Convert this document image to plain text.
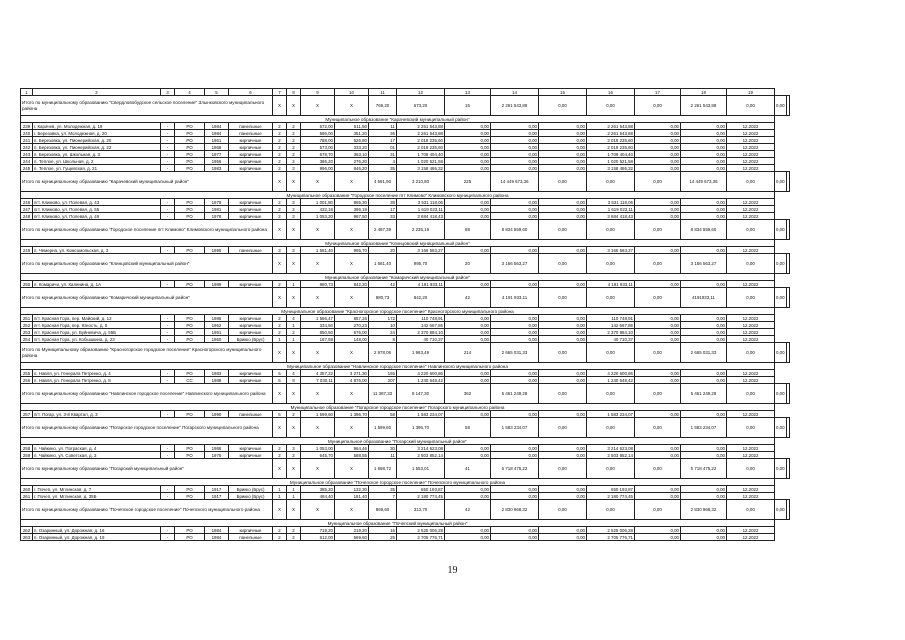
1	2	3	4	5	6	7	8	9	10	11	12	13	14	15	16	17	18	19		
Итого по муниципальному образованию "Свердловобудское сельское поселение" Злынковского муниципального района						X	X	X	X	769,20	673,20	15	2 261 543,88	0,00	0,00	0,00	2 261 543,88	0,00	0,00	
Муниципальное образование "Карачевский муниципальный район"																				
239	г. Карачев, ул. Молодежная, д. 19	-	РО	1984	панельные	2	2	672,00	511,50	11	2 261 543,88	0,00	0,00	0,00	2 261 543,88	0,00	0,00	12.2022		
240	г. Березовка, ул. Молодежная, д. 20	-	РО	1984	панельные	2	2	586,00	351,20	36	2 261 543,88	0,00	0,00	0,00	2 261 543,88	0,00	0,00	12.2022		
241	п. Березовка, ул. Пионерийская, д. 20	-	РО	1961	кирпичные	2	2	788,00	526,80	17	2 019 235,60	0,00	0,00	0,00	2 019 235,60	0,00	0,00	12.2022		
242	п. Березовка, ул. Пионерийская, д. 22	-	РО	1968	кирпичные	2	2	573,00	333,20	01	2 019 235,60	0,00	0,00	0,00	2 019 235,60	0,00	0,00	12.2022		
243	п. Березовка, ул. Школьная, д. 3	-	РО	1977	кирпичные	2	2	678,70	363,10	31	1 709 404,40	0,00	0,00	0,00	1 709 404,40	0,00	0,00	12.2022		
244	п. Теплое, ул. Школьная, д. 2	-	РО	1956	кирпичные	2	2	386,20	276,20	4	1 020 521,58	0,00	0,00	0,00	1 020 521,58	0,00	0,00	12.2022		
245	п. Теплое, ул. Гущевская, д. 21	-	РО	1983	кирпичные	2	3	996,00	846,20	35	3 158 486,32	0,00	0,00	0,00	3 158 486,32	0,00	0,00	12.2022		
Итого по муниципальному образованию "Карачевский муниципальный район"						X	X	X	X	4 591,90	3 210,80	225	14 449 673,36	0,00	0,00	0,00	14 449 673,36	0,00	0,00	
Муниципальное образование "Городское поселение пгт Климово" Климовского муниципального района																				
246	пгт. Климово, ул. Полевая, д. 43	-	РО	1979	кирпичные	2	3	1 001,80	865,30	38	3 531 118,06	0,00	0,00	0,00	3 531 118,06	0,00	0,00	12.2022		
247	пгт. Климово, ул. Полевая, д. 55	-	РО	1981	кирпичные	2	2	432,19	396,19	17	1 619 023,11	0,00	0,00	0,00	1 619 023,11	0,00	0,00	12.2022		
248	пгт. Климово, ул. Полевая, д. 49	-	РО	1978	кирпичные	2	3	1 053,20	967,50	33	3 684 418,43	0,00	0,00	0,00	3 684 418,43	0,00	0,00	12.2022		
Итого по муниципальному образованию "Городское поселение пгт Климово" Климовского муниципального района						X	X	X	X	2 487,39	2 235,19	88	8 834 559,60	0,00	0,00	0,00	8 834 559,60	0,00	0,00	
Муниципальное образование "Клинцовский муниципальный район"																				
249	п. Чемерна, ул. Комсомольская, д. 3	-	РО	1995	панельные	3	3	1 581,40	995,70	20	3 166 563,27	0,00	0,00	0,00	3 166 563,27	0,00	0,00	12.2022		
Итого по муниципальному образованию "Клинцовский муниципальный район"						X	X	X	X	1 581,40	995,70	20	3 166 563,27	0,00	0,00	0,00	3 166 563,27	0,00	0,00	
Муниципальное образование "Комаричский муниципальный район"																				
250	п. Комаричи, ул. Калинина, д. 1А	-	РО	1989	кирпичные	2	1	880,73	842,20	42	4 191 933,11	0,00	0,00	0,00	4 191 933,11	0,00	0,00	12.2022		
Итого по муниципальному образованию "Комаричский муниципальный район"						X	X	X	X	880,73	842,20	42	4 191 933,11	0,00	0,00	0,00	4191933,11	0,00	0,00	
Муниципальное образование "Красногорское городское поселение" Красногорского муниципального района																				
251	пгт. Красная Гора, пер. Майский, д. 12	-	РО	1986	кирпичные	2	4	1 566,47	857,26	172	110 748,91	0,00	0,00	0,00	110 748,91	0,00	0,00	12.2022		
252	пгт. Красная Гора, пер. Юность, д. 5	-	РО	1962	кирпичные	2	1	334,50	270,23	10	142 667,85	0,00	0,00	0,00	142 667,85	0,00	0,00	12.2022		
253	пгт. Красная Гора, ул. Буйневича, д. 55Б	-	РО	1991	кирпичные	2	2	850,50	676,00	24	2 370 884,10	0,00	0,00	0,00	2 370 884,10	0,00	0,00	12.2022		
254	пгт. Красная Гора, ул. Кобышкина, д. 23	-	РО	1960	Брикко (Брус)	1	1	167,59	148,00	8	40 710,37	0,00	0,00	0,00	40 710,37	0,00	0,00	12.2022		
Итого по Муниципальному образованию "Красногорское городское поселение" Красногорского муниципального района						X	X	X	X	2 978,06	1 963,49	214	2 665 031,33	0,00	0,00	0,00	2 665 031,33	0,00	0,00	
Муниципальное образование "Навлинское городское поселение" Навлинского муниципального района																				
255	п. Навля, ул. Генерала Петренко, д. 4	-	РО	1983	кирпичные	5	4	4 357,22	3 271,30	155	4 220 600,86	0,00	0,00	0,00	4 220 600,86	0,00	0,00	12.2022		
256	п. Навля, ул. Генерала Петренко, д. 8	-	СС	1988	кирпичные	5	8	7 030,11	4 876,00	207	1 240 648,42	0,00	0,00	0,00	1 240 648,42	0,00	0,00	12.2022		
Итого по муниципальному образованию "Навлинское городское поселение" Навлинского муниципального района						X	X	X	X	11 387,33	8 147,30	362	5 461 249,28	0,00	0,00	0,00	5 461 249,28	0,00	0,00	
Муниципальное образование "Погарское городское поселение" Погарского муниципального района																				
257	пгт. Погар, ул. 3-й Квартал, д. 3	-	РО	1990	панельные	5	2	1 599,60	1 396,70	58	1 583 234,07	0,00	0,00	0,00	1 583 234,07	0,00	0,00	12.2022		
Итого по муниципальному образованию "Погарское городское поселение" Погарского муниципального района						X	X	X	X	1 599,60	1 396,70	58	1 583 234,07	0,00	0,00	0,00	1 583 234,07	0,00	0,00	
Муниципальное образование "Погарский муниципальный район"																				
258	п. Чайкино, ул. Пограская, д. 4	-	РО	1986	кирпичные	2	3	1 053,00	964,46	30	3 214 623,08	0,00	0,00	0,00	3 214 623,08	0,00	0,00	12.2022		
259	п. Чайкино, ул. Советская, д. 3	-	РО	1975	кирпичные	2	2	645,70	588,55	11	2 503 852,14	0,00	0,00	0,00	2 503 852,14	0,00	0,00	12.2022		
Итого по муниципальному образованию "Погарский муниципальный район"						X	X	X	X	1 698,72	1 553,01	41	5 718 475,22	0,00	0,00	0,00	5 718 475,22	0,00	0,00	
Муниципальное образование "Почепское городское поселение" Почепского муниципального района																				
260	г. Почеп, ул. Мглинская, д. 7	-	РО	1917	Брикко (Брус)	1	1	385,20	132,30	35	650 193,87	0,00	0,00	0,00	650 193,87	0,00	0,00	12.2022		
261	г. Почеп, ул. Мглинская, д. 35Б	-	РО	1917	Брикко (Брус)	1	1	484,40	181,40	7	2 180 774,45	0,00	0,00	0,00	2 180 774,45	0,00	0,00	12.2022		
Итого по муниципальному образованию "Почепское городское поселение" Почепского муниципального района						X	X	X	X	869,60	313,70	42	2 830 968,32	0,00	0,00	0,00	2 830 968,32	0,00	0,00	
Муниципальное образование "Почепский муниципальный район"																				
262	п. Озаринный, ул. Дорожная, д. 16	-	РО	1984	кирпичные	2	2	719,20	219,20	16	2 525 006,28	0,00	0,00	0,00	2 525 006,28	0,00	0,00	12.2022		
263	п. Озаринный, ул. Дорожная, д. 19	-	РО	1984	панельные	2	2	612,00	569,60	25	2 705 776,71	0,00	0,00	0,00	2 705 776,71	0,00	0,00	12.2022		
19
